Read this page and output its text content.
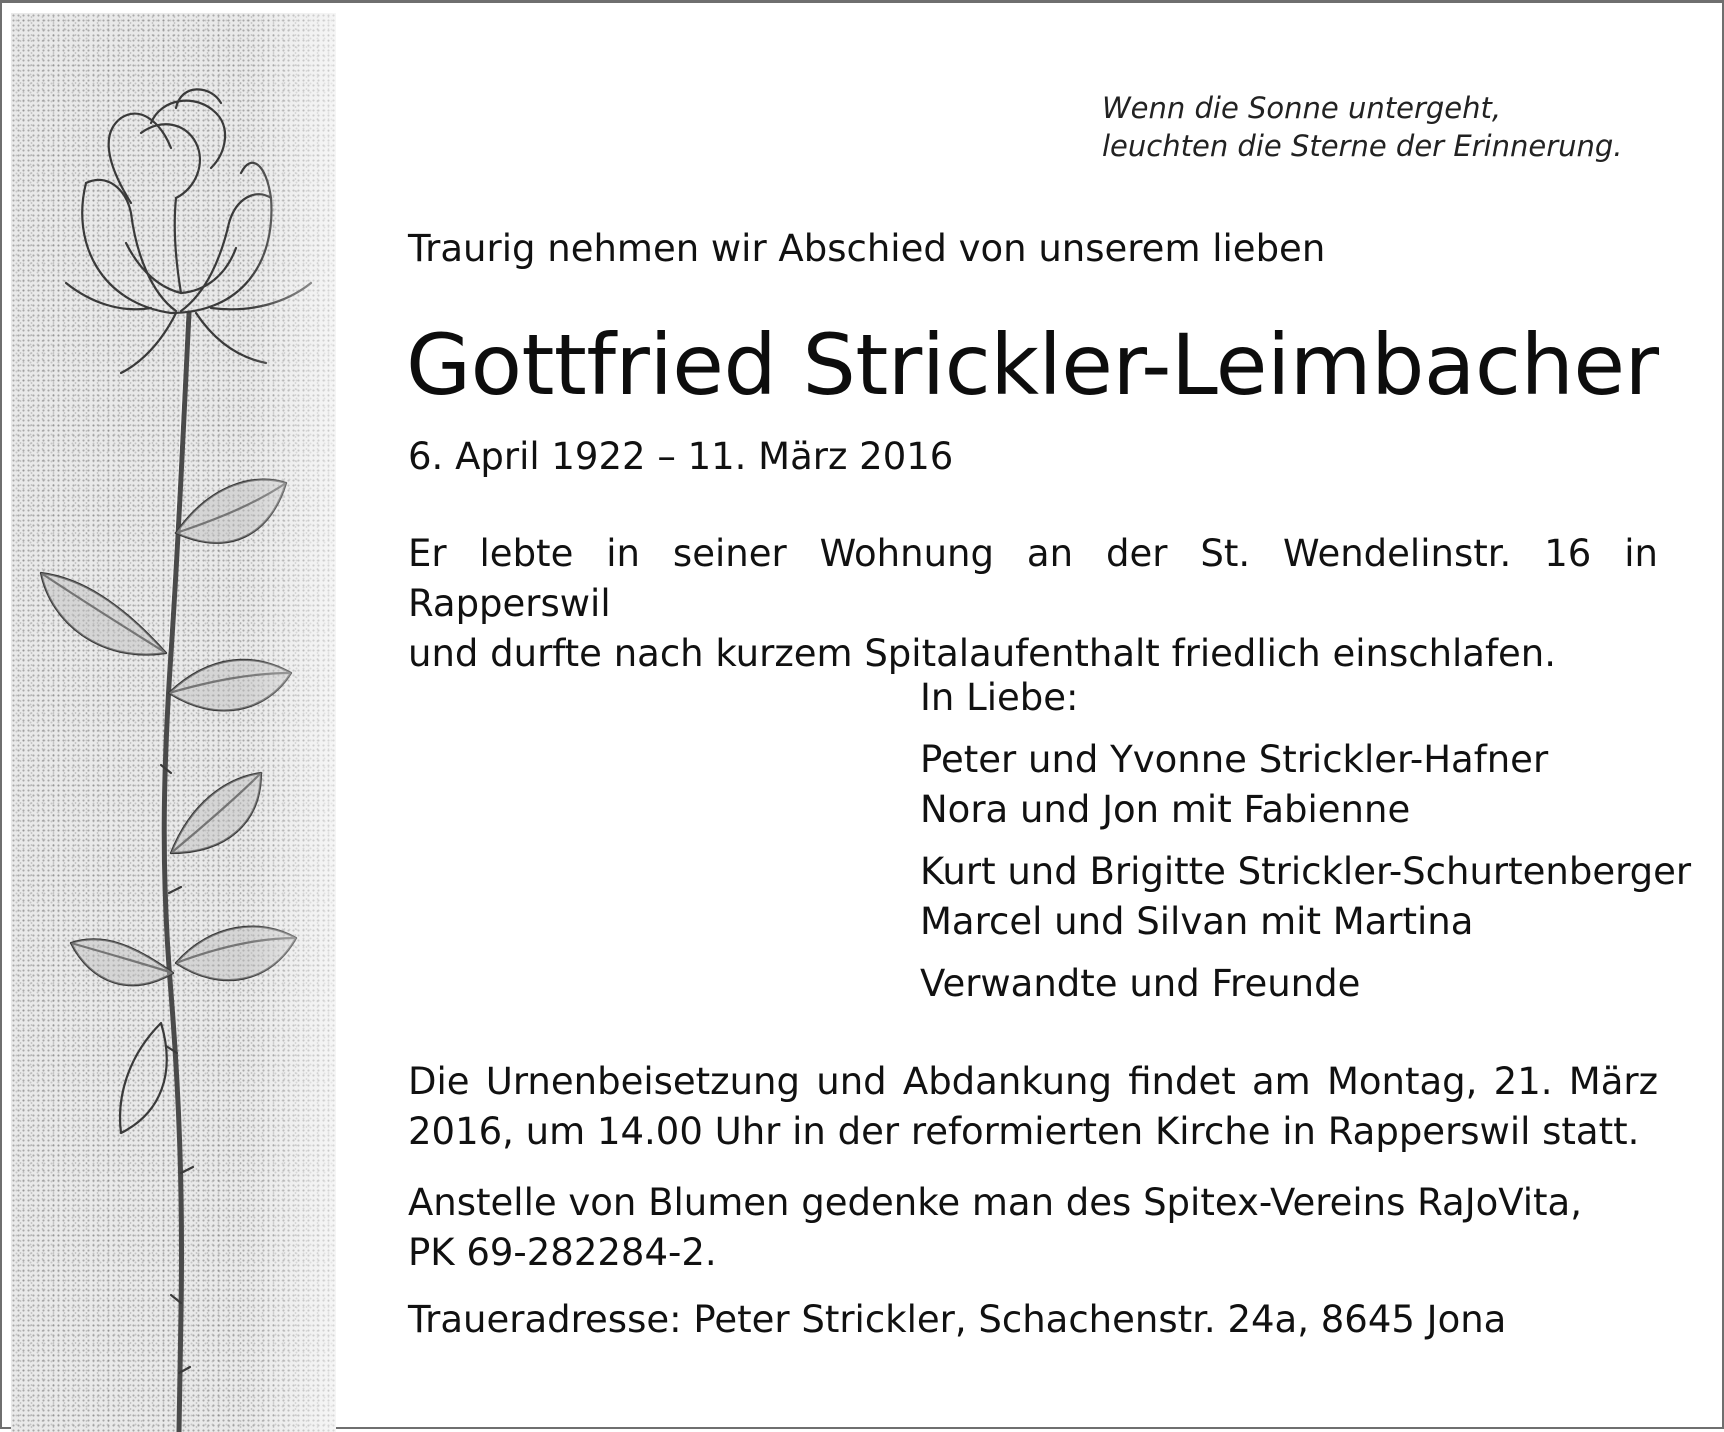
Wenn die Sonne untergeht,
leuchten die Sterne der Erinnerung.
Traurig nehmen wir Abschied von unserem lieben
Gottfried Strickler-Leimbacher
6. April 1922 – 11. März 2016
Er lebte in seiner Wohnung an der St. Wendelinstr. 16 in Rapperswil
und durfte nach kurzem Spitalaufenthalt friedlich einschlafen.
In Liebe:
Peter und Yvonne Strickler-Hafner
Nora und Jon mit Fabienne
Kurt und Brigitte Strickler-Schurtenberger
Marcel und Silvan mit Martina
Verwandte und Freunde
Die Urnenbeisetzung und Abdankung findet am Montag, 21. März
2016, um 14.00 Uhr in der reformierten Kirche in Rapperswil statt.
Anstelle von Blumen gedenke man des Spitex-Vereins RaJoVita,
PK 69-282284-2.
Traueradresse: Peter Strickler, Schachenstr. 24a, 8645 Jona
